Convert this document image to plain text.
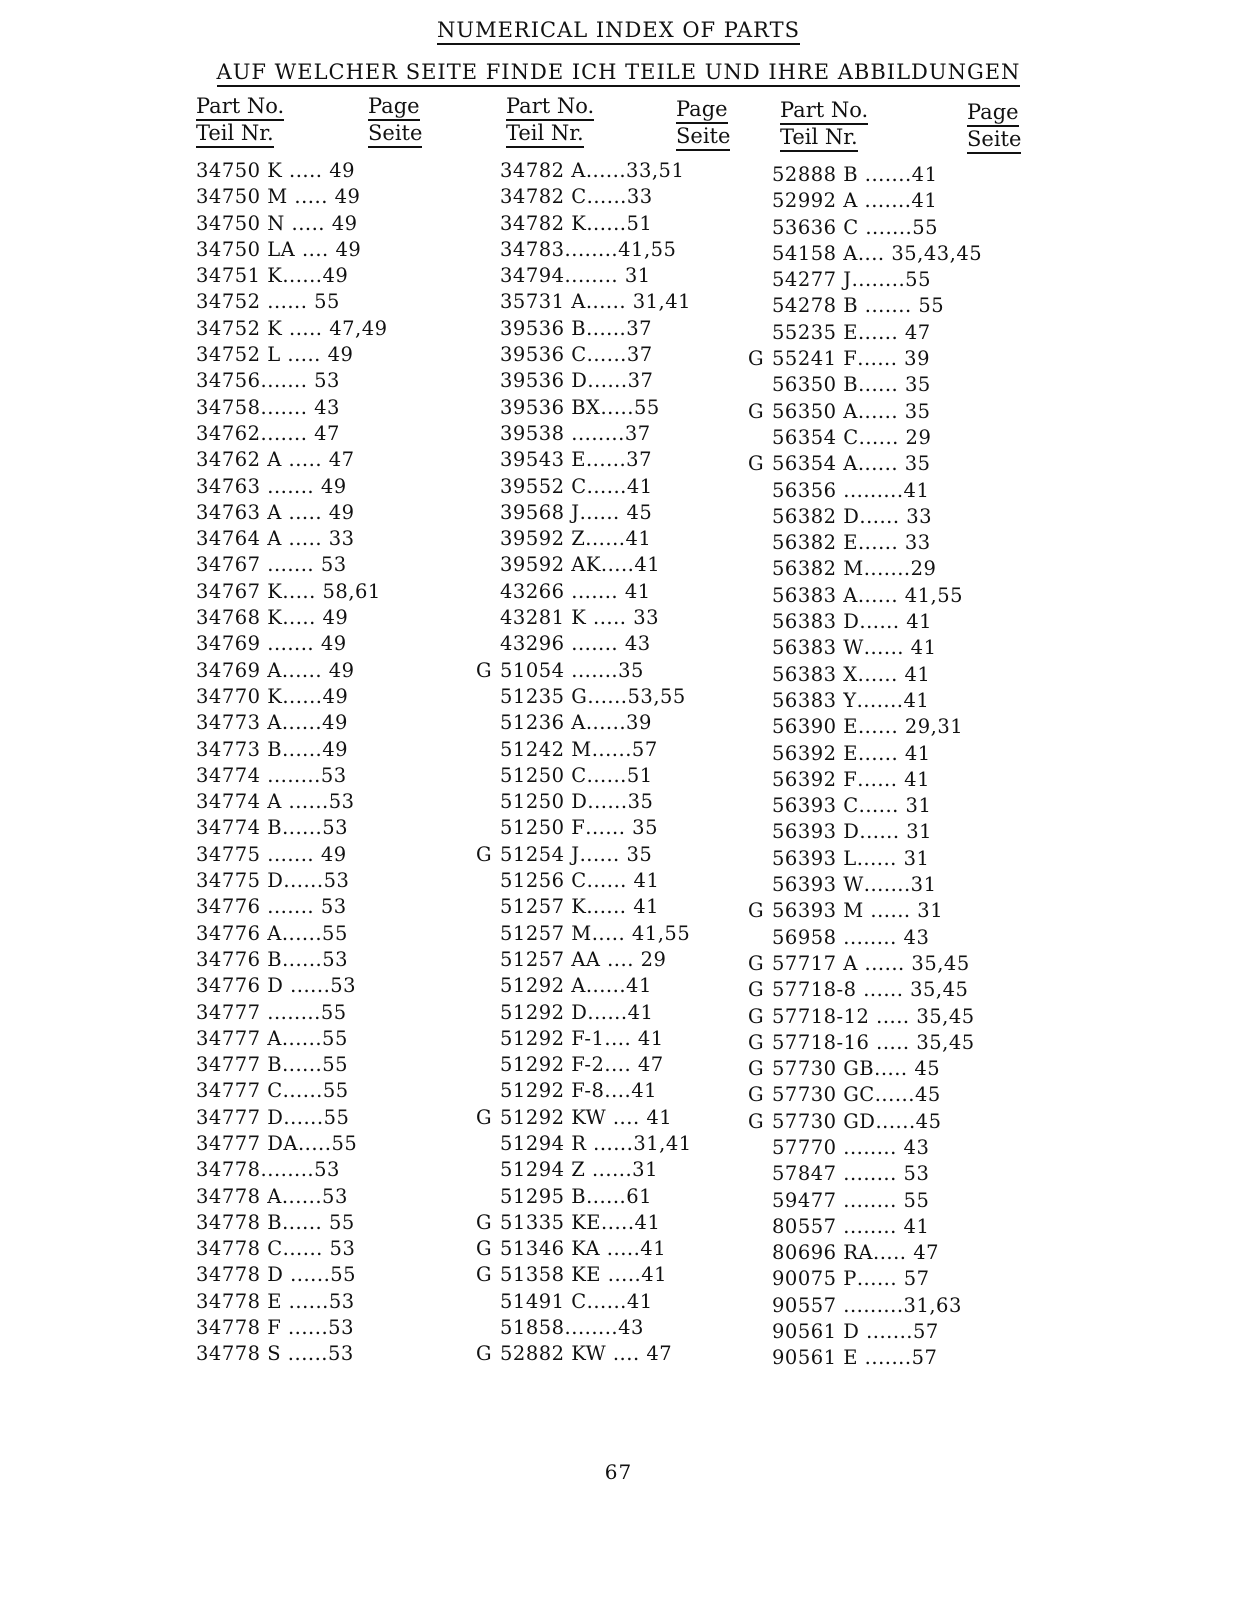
NUMERICAL INDEX OF PARTS
AUF WELCHER SEITE FINDE ICH TEILE UND IHRE ABBILDUNGEN
Part No.
Teil Nr.
Page
Seite
34750 K ..... 49
34750 M ..... 49
34750 N ..... 49
34750 LA .... 49
34751 K......49
34752 ...... 55
34752 K ..... 47,49
34752 L ..... 49
34756....... 53
34758....... 43
34762....... 47
34762 A ..... 47
34763 ....... 49
34763 A ..... 49
34764 A ..... 33
34767 ....... 53
34767 K..... 58,61
34768 K..... 49
34769 ....... 49
34769 A...... 49
34770 K......49
34773 A......49
34773 B......49
34774 ........53
34774 A ......53
34774 B......53
34775 ....... 49
34775 D......53
34776 ....... 53
34776 A......55
34776 B......53
34776 D ......53
34777 ........55
34777 A......55
34777 B......55
34777 C......55
34777 D......55
34777 DA.....55
34778........53
34778 A......53
34778 B...... 55
34778 C...... 53
34778 D ......55
34778 E ......53
34778 F ......53
34778 S ......53
Part No.
Teil Nr.
Page
Seite
34782 A......33,51
34782 C......33
34782 K......51
34783........41,55
34794........ 31
35731 A...... 31,41
39536 B......37
39536 C......37
39536 D......37
39536 BX.....55
39538 ........37
39543 E......37
39552 C......41
39568 J...... 45
39592 Z......41
39592 AK.....41
43266 ....... 41
43281 K ..... 33
43296 ....... 43
G 51054 .......35
51235 G......53,55
51236 A......39
51242 M......57
51250 C......51
51250 D......35
51250 F...... 35
G 51254 J...... 35
51256 C...... 41
51257 K...... 41
51257 M..... 41,55
51257 AA .... 29
51292 A......41
51292 D......41
51292 F-1.... 41
51292 F-2.... 47
51292 F-8....41
G 51292 KW .... 41
51294 R ......31,41
51294 Z ......31
51295 B......61
G 51335 KE.....41
G 51346 KA .....41
G 51358 KE .....41
51491 C......41
51858........43
G 52882 KW .... 47
Part No.
Teil Nr.
Page
Seite
52888 B .......41
52992 A .......41
53636 C .......55
54158 A.... 35,43,45
54277 J........55
54278 B ....... 55
55235 E...... 47
G 55241 F...... 39
56350 B...... 35
G 56350 A...... 35
56354 C...... 29
G 56354 A...... 35
56356 .........41
56382 D...... 33
56382 E...... 33
56382 M.......29
56383 A...... 41,55
56383 D...... 41
56383 W...... 41
56383 X...... 41
56383 Y.......41
56390 E...... 29,31
56392 E...... 41
56392 F...... 41
56393 C...... 31
56393 D...... 31
56393 L...... 31
56393 W.......31
G 56393 M ...... 31
56958 ........ 43
G 57717 A ...... 35,45
G 57718-8 ...... 35,45
G 57718-12 ..... 35,45
G 57718-16 ..... 35,45
G 57730 GB..... 45
G 57730 GC......45
G 57730 GD......45
57770 ........ 43
57847 ........ 53
59477 ........ 55
80557 ........ 41
80696 RA..... 47
90075 P...... 57
90557 .........31,63
90561 D .......57
90561 E .......57
67
